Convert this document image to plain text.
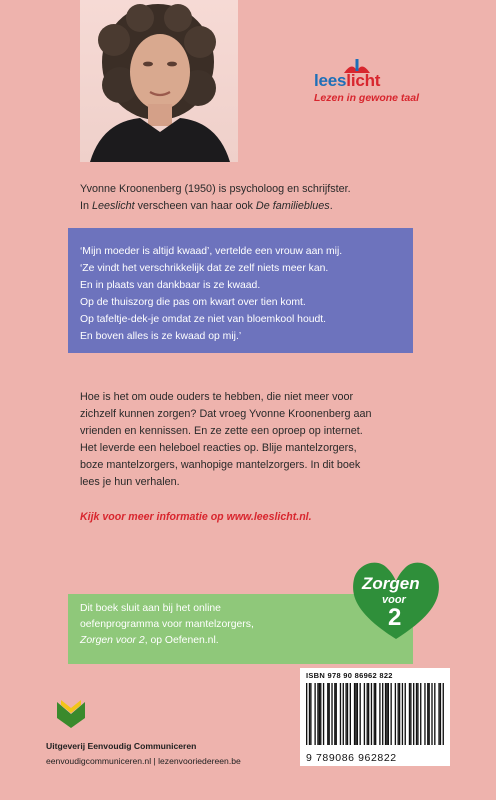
leeslicht
Lezen in gewone taal
Yvonne Kroonenberg (1950) is psycholoog en schrijfster.
In Leeslicht verscheen van haar ook De familieblues.
‘Mijn moeder is altijd kwaad’, vertelde een vrouw aan mij.
‘Ze vindt het verschrikkelijk dat ze zelf niets meer kan.
En in plaats van dankbaar is ze kwaad.
Op de thuiszorg die pas om kwart over tien komt.
Op tafeltje-dek-je omdat ze niet van bloemkool houdt.
En boven alles is ze kwaad op mij.’
Hoe is het om oude ouders te hebben, die niet meer voor
zichzelf kunnen zorgen? Dat vroeg Yvonne Kroonenberg aan
vrienden en kennissen. En ze zette een oproep op internet.
Het leverde een heleboel reacties op. Blije mantelzorgers,
boze mantelzorgers, wanhopige mantelzorgers. In dit boek
lees je hun verhalen.
Kijk voor meer informatie op www.leeslicht.nl.
Dit boek sluit aan bij het online
oefenprogramma voor mantelzorgers,
Zorgen voor 2, op Oefenen.nl.
Zorgen
voor
2
ISBN 978 90 86962 822
9 789086 962822
Uitgeverij Eenvoudig Communiceren
eenvoudigcommuniceren.nl | lezenvooriedereen.be
